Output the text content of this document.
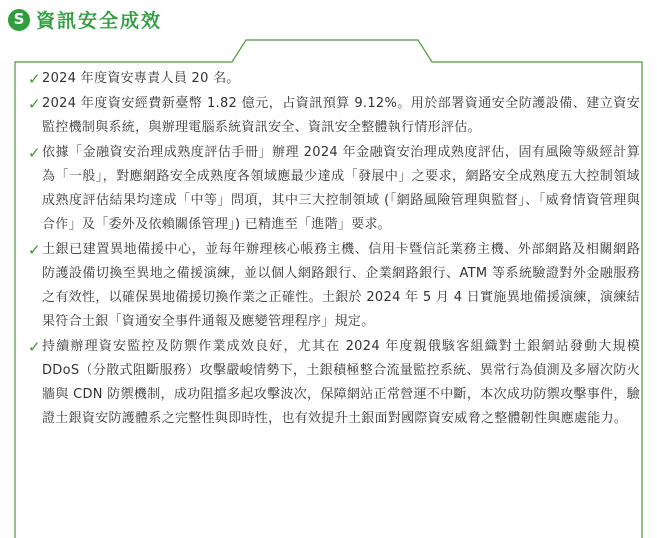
S 資訊安全成效
✓ 2024 年度資安專責人員 20 名。
✓ 2024 年度資安經費新臺幣 1.82 億元，占資訊預算 9.12%。用於部署資通安全防護設備、建立資安監控機制與系統，與辦理電腦系統資訊安全、資訊安全整體執行情形評估。
✓ 依據「金融資安治理成熟度評估手冊」辦理 2024 年金融資安治理成熟度評估，固有風險等級經計算為「一般」，對應網路安全成熟度各領域應最少達成「發展中」之要求，網路安全成熟度五大控制領域成熟度評估結果均達成「中等」問項，其中三大控制領域 (「網路風險管理與監督」、「威脅情資管理與合作」及「委外及依賴關係管理」) 已精進至「進階」要求。
✓ 土銀已建置異地備援中心，並每年辦理核心帳務主機、信用卡暨信託業務主機、外部網路及相關網路防護設備切換至異地之備援演練，並以個人網路銀行、企業網路銀行、ATM 等系統驗證對外金融服務之有效性，以確保異地備援切換作業之正確性。土銀於 2024 年 5 月 4 日實施異地備援演練，演練結果符合土銀「資通安全事件通報及應變管理程序」規定。
✓ 持續辦理資安監控及防禦作業成效良好，尤其在 2024 年度親俄駭客組織對土銀網站發動大規模 DDoS（分散式阻斷服務）攻擊嚴峻情勢下，土銀積極整合流量監控系統、異常行為偵測及多層次防火牆與 CDN 防禦機制，成功阻擋多起攻擊波次，保障網站正常營運不中斷，本次成功防禦攻擊事件，驗證土銀資安防護體系之完整性與即時性，也有效提升土銀面對國際資安威脅之整體韌性與應處能力。
